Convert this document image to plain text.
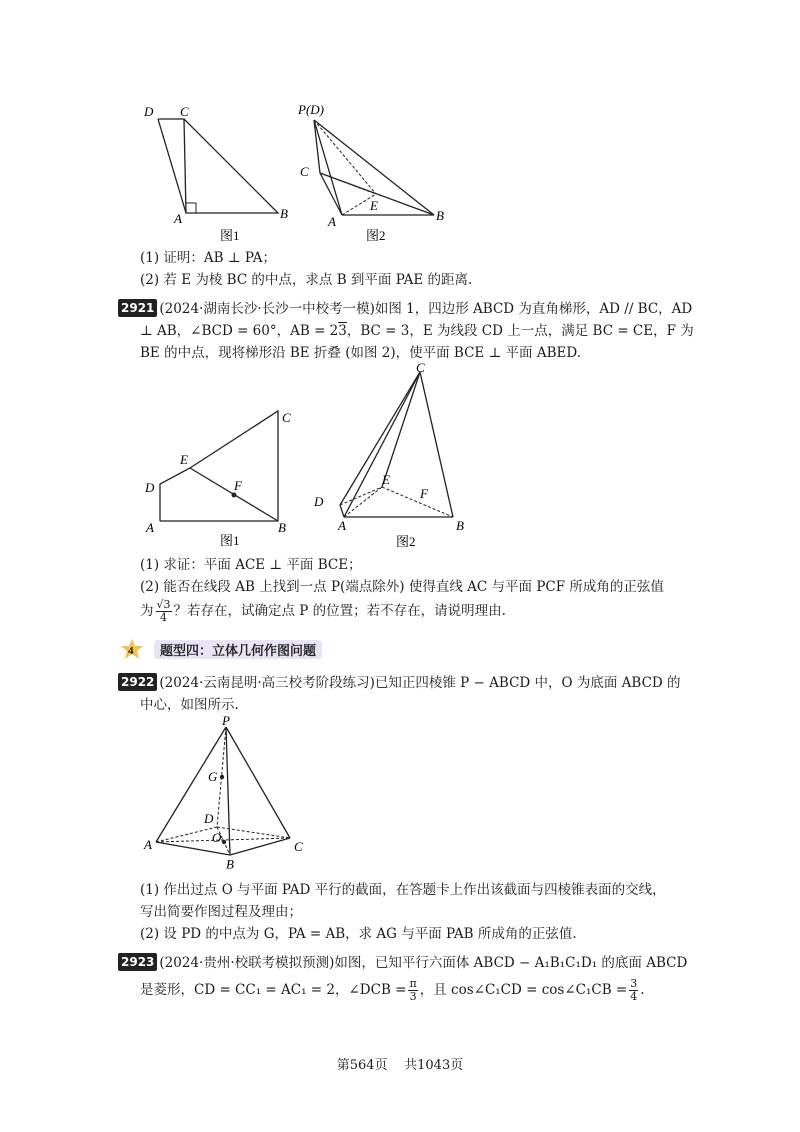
D C
A	B
图1
P(D)
C
E
A	B
图2
(1) 证明：AB ⊥ PA；
(2) 若 E 为棱 BC 的中点，求点 B 到平面 PAE 的距离.
2921 (2024·湖南长沙·长沙一中校考一模)如图 1，四边形 ABCD 为直角梯形，AD // BC，AD
⊥ AB，∠BCD = 60°，AB = 23，BC = 3，E 为线段 CD 上一点，满足 BC = CE，F 为
BE 的中点，现将梯形沿 BE 折叠 (如图 2)，使平面 BCE ⊥ 平面 ABED.
C
E
D	F
A	B
图1
C
E
F
D
A	B
图2
(1) 求证：平面 ACE ⊥ 平面 BCE；
(2) 能否在线段 AB 上找到一点 P(端点除外) 使得直线 AC 与平面 PCF 所成角的正弦值
为 $\frac{√3}{4}$ ？若存在，试确定点 P 的位置；若不存在，请说明理由.
4	题型四：立体几何作图问题
2922 (2024·云南昆明·高三校考阶段练习)已知正四棱锥 P − ABCD 中，O 为底面 ABCD 的
中心，如图所示.
P
G
D
O
A
B
C
(1) 作出过点 O 与平面 PAD 平行的截面，在答题卡上作出该截面与四棱锥表面的交线，
写出简要作图过程及理由；
(2) 设 PD 的中点为 G，PA = AB，求 AG 与平面 PAB 所成角的正弦值.
2923 (2024·贵州·校联考模拟预测)如图，已知平行六面体 ABCD − A₁B₁C₁D₁ 的底面 ABCD
是菱形，CD = CC₁ = AC₁ = 2，∠DCB = $\frac{\pi}{3}$ ，且 cos∠C₁CD = cos∠C₁CB = $\frac{3}{4}$ .
第564页 共1043页
